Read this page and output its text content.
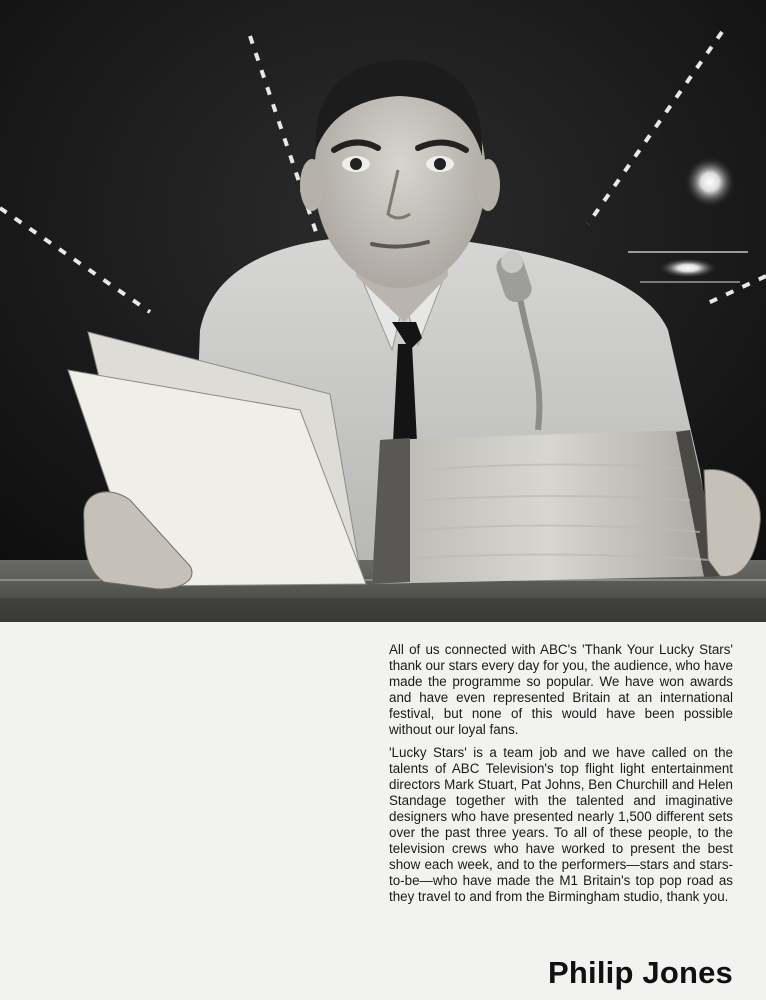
All of us connected with ABC's 'Thank Your Lucky Stars' thank our stars every day for you, the audience, who have made the programme so popular. We have won awards and have even represented Britain at an international festival, but none of this would have been possible without our loyal fans.

'Lucky Stars' is a team job and we have called on the talents of ABC Television's top flight light entertainment directors Mark Stuart, Pat Johns, Ben Churchill and Helen Standage together with the talented and imaginative designers who have presented nearly 1,500 different sets over the past three years. To all of these people, to the television crews who have worked to present the best show each week, and to the performers—stars and stars-to-be—who have made the M1 Britain's top pop road as they travel to and from the Birmingham studio, thank you.

Philip Jones
